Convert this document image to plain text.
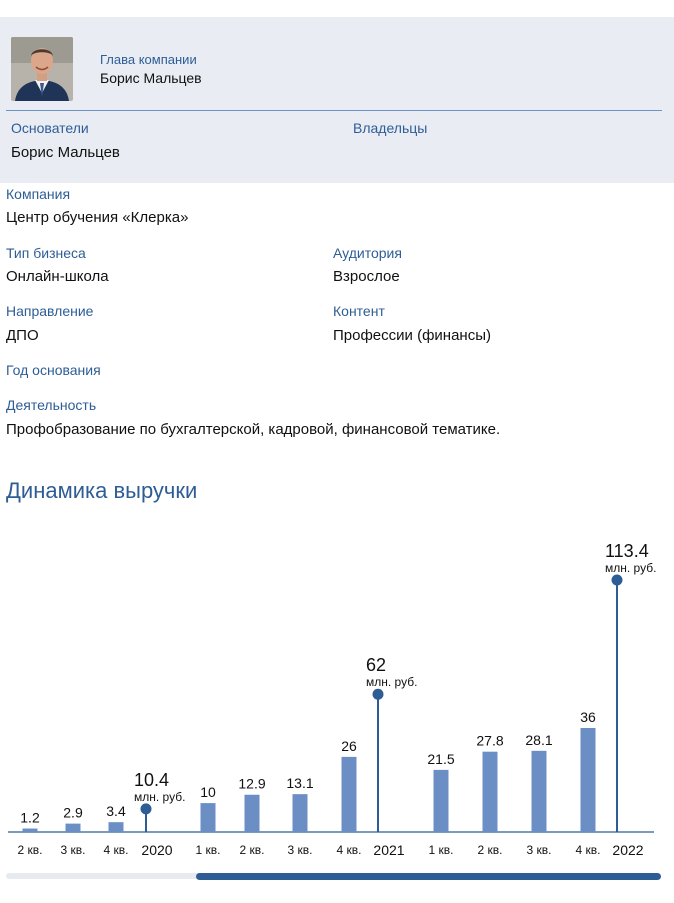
Глава компании
Борис Мальцев
Основатели
Борис Мальцев
Владельцы
Компания
Центр обучения «Клерка»
Тип бизнеса
Онлайн-школа
Аудитория
Взрослое
Направление
ДПО
Контент
Профессии (финансы)
Год основания
Деятельность
Профобразование по бухгалтерской, кадровой, финансовой тематике.
Динамика выручки
1.2
2 кв.
2.9
3 кв.
3.4
4 кв.
10.4
млн. руб.
2020
10
1 кв.
12.9
2 кв.
13.1
3 кв.
26
4 кв.
62
млн. руб.
2021
21.5
1 кв.
27.8
2 кв.
28.1
3 кв.
36
4 кв.
113.4
млн. руб.
2022
